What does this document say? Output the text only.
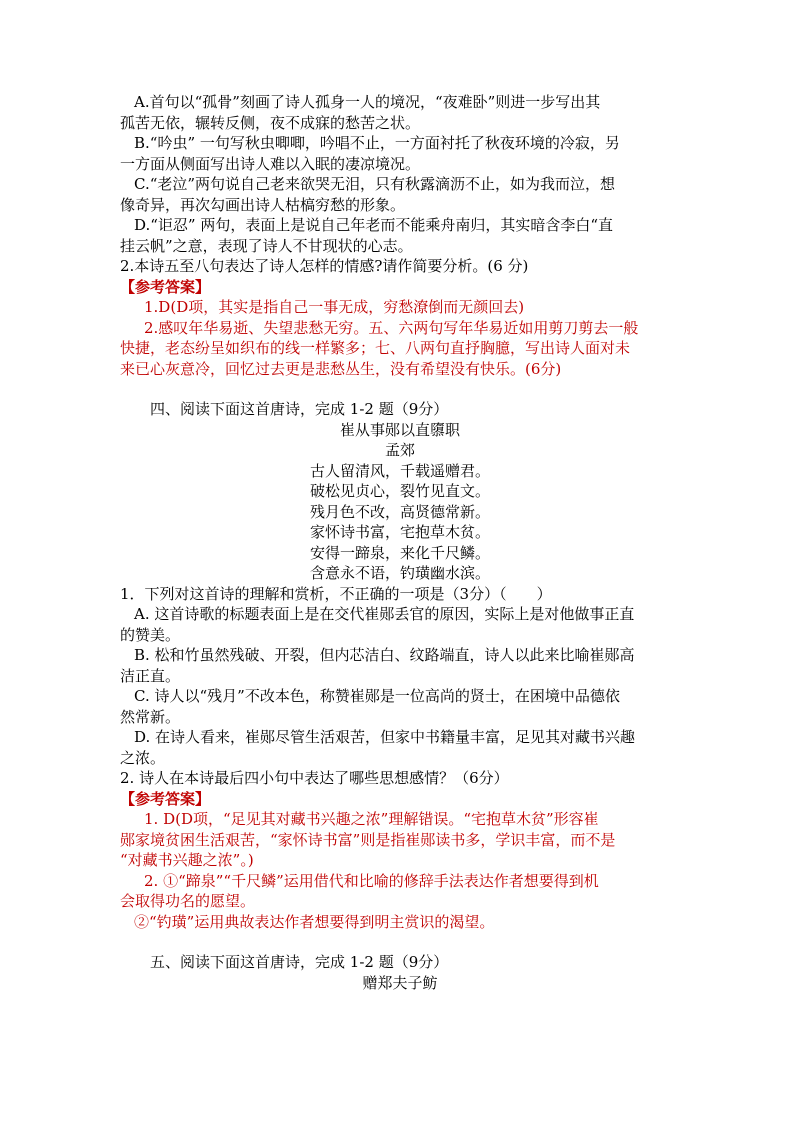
A.首句以“孤骨”刻画了诗人孤身一人的境况，“夜难卧”则进一步写出其
孤苦无依，辗转反侧，夜不成寐的愁苦之状。
B.“吟虫” 一句写秋虫唧唧，吟唱不止，一方面衬托了秋夜环境的冷寂，另
一方面从侧面写出诗人难以入眠的凄凉境况。
C.“老泣”两句说自己老来欲哭无泪，只有秋露滴沥不止，如为我而泣，想
像奇异，再次勾画出诗人枯槁穷愁的形象。
D.“讵忍” 两句，表面上是说自己年老而不能乘舟南归，其实暗含李白“直
挂云帆”之意，表现了诗人不甘现状的心志。
2.本诗五至八句表达了诗人怎样的情感?请作简要分析。(6 分)
【参考答案】
1.D(D项，其实是指自己一事无成，穷愁潦倒而无颜回去)
2.感叹年华易逝、失望悲愁无穷。五、六两句写年华易近如用剪刀剪去一般
快捷，老态纷呈如织布的线一样繁多；七、八两句直抒胸臆，写出诗人面对未
来已心灰意冷，回忆过去更是悲愁丛生，没有希望没有快乐。(6分)
四、阅读下面这首唐诗，完成 1-2 题（9分）
崔从事郧以直隳职
孟郊
古人留清风，千载遥赠君。
破松见贞心，裂竹见直文。
残月色不改，高贤德常新。
家怀诗书富，宅抱草木贫。
安得一蹄泉，来化千尺鳞。
含意永不语，钓璜幽水滨。
1．下列对这首诗的理解和赏析，不正确的一项是（3分）（　　）
A. 这首诗歌的标题表面上是在交代崔郧丢官的原因，实际上是对他做事正直
的赞美。
B. 松和竹虽然残破、开裂，但内芯洁白、纹路端直，诗人以此来比喻崔郧高
洁正直。
C. 诗人以“残月”不改本色，称赞崔郧是一位高尚的贤士，在困境中品德依
然常新。
D. 在诗人看来，崔郧尽管生活艰苦，但家中书籍量丰富，足见其对藏书兴趣
之浓。
2. 诗人在本诗最后四小句中表达了哪些思想感情？（6分）
【参考答案】
1. D(D项，“足见其对藏书兴趣之浓”理解错误。“宅抱草木贫”形容崔
郧家境贫困生活艰苦，“家怀诗书富”则是指崔郧读书多，学识丰富，而不是
“对藏书兴趣之浓”。)
2. ①“蹄泉”“千尺鳞”运用借代和比喻的修辞手法表达作者想要得到机
会取得功名的愿望。
②“钓璜”运用典故表达作者想要得到明主赏识的渴望。
五、阅读下面这首唐诗，完成 1-2 题（9分）
赠郑夫子鲂
